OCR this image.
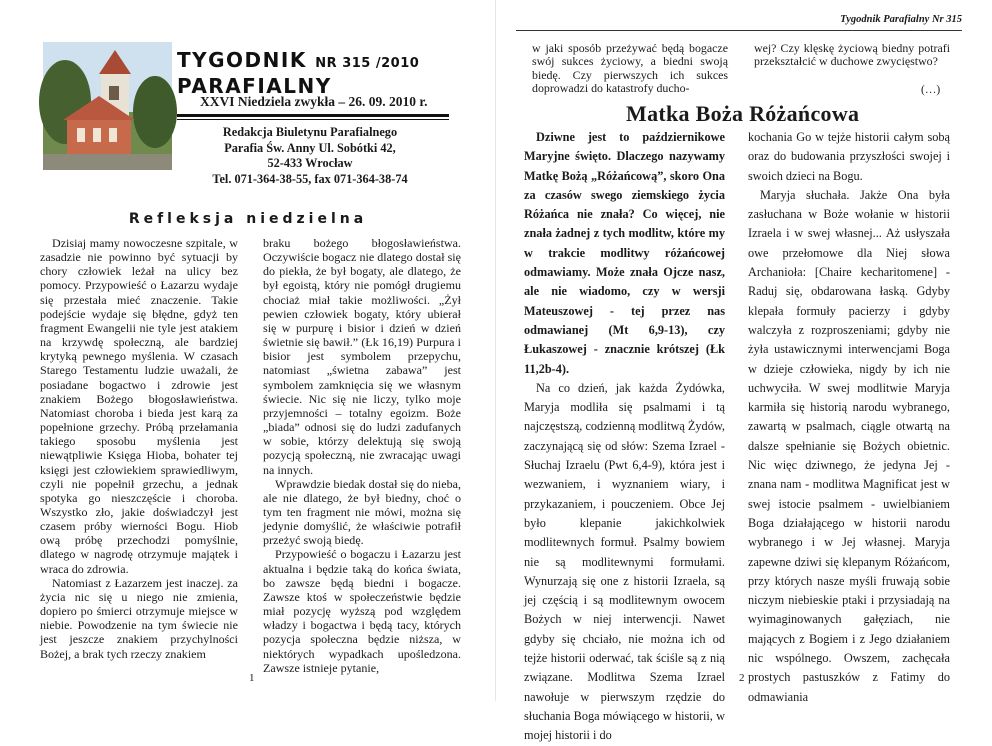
TYGODNIK NR 315 /2010
PARAFIALNY
XXVI Niedziela zwykła – 26. 09. 2010 r.
Redakcja Biuletynu Parafialnego
Parafia Św. Anny Ul. Sobótki 42,
52-433 Wrocław
Tel. 071-364-38-55, fax 071-364-38-74
Refleksja niedzielna

Dzisiaj mamy nowoczesne szpitale, w zasadzie nie powinno być sytuacji by chory człowiek leżał na ulicy bez pomocy. Przypowieść o Łazarzu wydaje się przestała mieć znaczenie. Takie podejście wydaje się błędne, gdyż ten fragment Ewangelii nie tyle jest atakiem na krzywdę społeczną, ale bardziej krytyką pewnego myślenia. W czasach Starego Testamentu ludzie uważali, że posiadane bogactwo i zdrowie jest znakiem Bożego błogosławieństwa. Natomiast choroba i bieda jest karą za popełnione grzechy. Próbą przełamania takiego sposobu myślenia jest niewątpliwie Księga Hioba, bohater tej księgi jest człowiekiem sprawiedliwym, czyli nie popełnił grzechu, a jednak spotyka go nieszczęście i choroba. Wszystko zło, jakie doświadczył jest czasem próby wierności Bogu. Hiob ową próbę przechodzi pomyślnie, dlatego w nagrodę otrzymuje majątek i wraca do zdrowia.

Natomiast z Łazarzem jest inaczej. za życia nic się u niego nie zmienia, dopiero po śmierci otrzymuje miejsce w niebie. Powodzenie na tym świecie nie jest jeszcze znakiem przychylności Bożej, a brak tych rzeczy znakiem

braku bożego błogosławieństwa. Oczywiście bogacz nie dlatego dostał się do piekła, że był bogaty, ale dlatego, że był egoistą, który nie pomógł drugiemu chociaż miał takie możliwości. „Żył pewien człowiek bogaty, który ubierał się w purpurę i bisior i dzień w dzień świetnie się bawił.” (Łk 16,19) Purpura i bisior jest symbolem przepychu, natomiast „świetna zabawa” jest symbolem zamknięcia się we własnym świecie. Nic się nie liczy, tylko moje przyjemności – totalny egoizm. Boże „biada” odnosi się do ludzi zadufanych w sobie, którzy delektują się swoją pozycją społeczną, nie zwracając uwagi na innych.

Wprawdzie biedak dostał się do nieba, ale nie dlatego, że był biedny, choć o tym ten fragment nie mówi, można się jedynie domyślić, że właściwie potrafił przeżyć swoją biedę.

Przypowieść o bogaczu i Łazarzu jest aktualna i będzie taką do końca świata, bo zawsze będą biedni i bogacze. Zawsze ktoś w społeczeństwie będzie miał pozycję wyższą pod względem władzy i bogactwa i będą tacy, których pozycja społeczna będzie niższa, w niektórych wypadkach upośledzona. Zawsze istnieje pytanie,

1
Tygodnik Parafialny Nr 315
w jaki sposób przeżywać będą bogacze swój sukces życiowy, a biedni swoją biedę. Czy pierwszych ich sukces doprowadzi do katastrofy ducho-
wej? Czy klęskę życiową biedny potrafi przekształcić w duchowe zwycięstwo?
(…)
Matka Boża Różańcowa

Dziwne jest to październikowe Maryjne święto. Dlaczego nazywamy Matkę Bożą „Różańcową”, skoro Ona za czasów swego ziemskiego życia Różańca nie znała? Co więcej, nie znała żadnej z tych modlitw, które my w trakcie modlitwy różańcowej odmawiamy. Może znała Ojcze nasz, ale nie wiadomo, czy w wersji Mateuszowej - tej przez nas odmawianej (Mt 6,9-13), czy Łukaszowej - znacznie krótszej (Łk 11,2b-4).

Na co dzień, jak każda Żydówka, Maryja modliła się psalmami i tą najczęstszą, codzienną modlitwą Żydów, zaczynającą się od słów: Szema Izrael - Słuchaj Izraelu (Pwt 6,4-9), która jest i wezwaniem, i wyznaniem wiary, i przykazaniem, i pouczeniem. Obce Jej było klepanie jakichkolwiek modlitewnych formuł. Psalmy bowiem nie są modlitewnymi formułami. Wynurzają się one z historii Izraela, są jej częścią i są modlitewnym owocem Bożych w niej interwencji. Nawet gdyby się chciało, nie można ich od tejże historii oderwać, tak ściśle są z nią związane. Modlitwa Szema Izrael nawołuje w pierwszym rzędzie do słuchania Boga mówiącego w historii, w mojej historii i do

kochania Go w tejże historii całym sobą oraz do budowania przyszłości swojej i swoich dzieci na Bogu.

Maryja słuchała. Jakże Ona była zasłuchana w Boże wołanie w historii Izraela i w swej własnej... Aż usłyszała owe przełomowe dla Niej słowa Archanioła: [Chaire kecharitomene] - Raduj się, obdarowana łaską. Gdyby klepała formuły pacierzy i gdyby walczyła z rozproszeniami; gdyby nie żyła ustawicznymi interwencjami Boga w dzieje człowieka, nigdy by ich nie uchwyciła. W swej modlitwie Maryja karmiła się historią narodu wybranego, zawartą w psalmach, ciągle otwartą na dalsze spełnianie się Bożych obietnic. Nic więc dziwnego, że jedyna Jej - znana nam - modlitwa Magnificat jest w swej istocie psalmem - uwielbianiem Boga działającego w historii narodu wybranego i w Jej własnej. Maryja zapewne dziwi się klepanym Różańcom, przy których nasze myśli fruwają sobie niczym niebieskie ptaki i przysiadają na wyimaginowanych gałęziach, nie mających z Bogiem i z Jego działaniem nic wspólnego. Owszem, zachęcała prostych pastuszków z Fatimy do odmawiania

2
